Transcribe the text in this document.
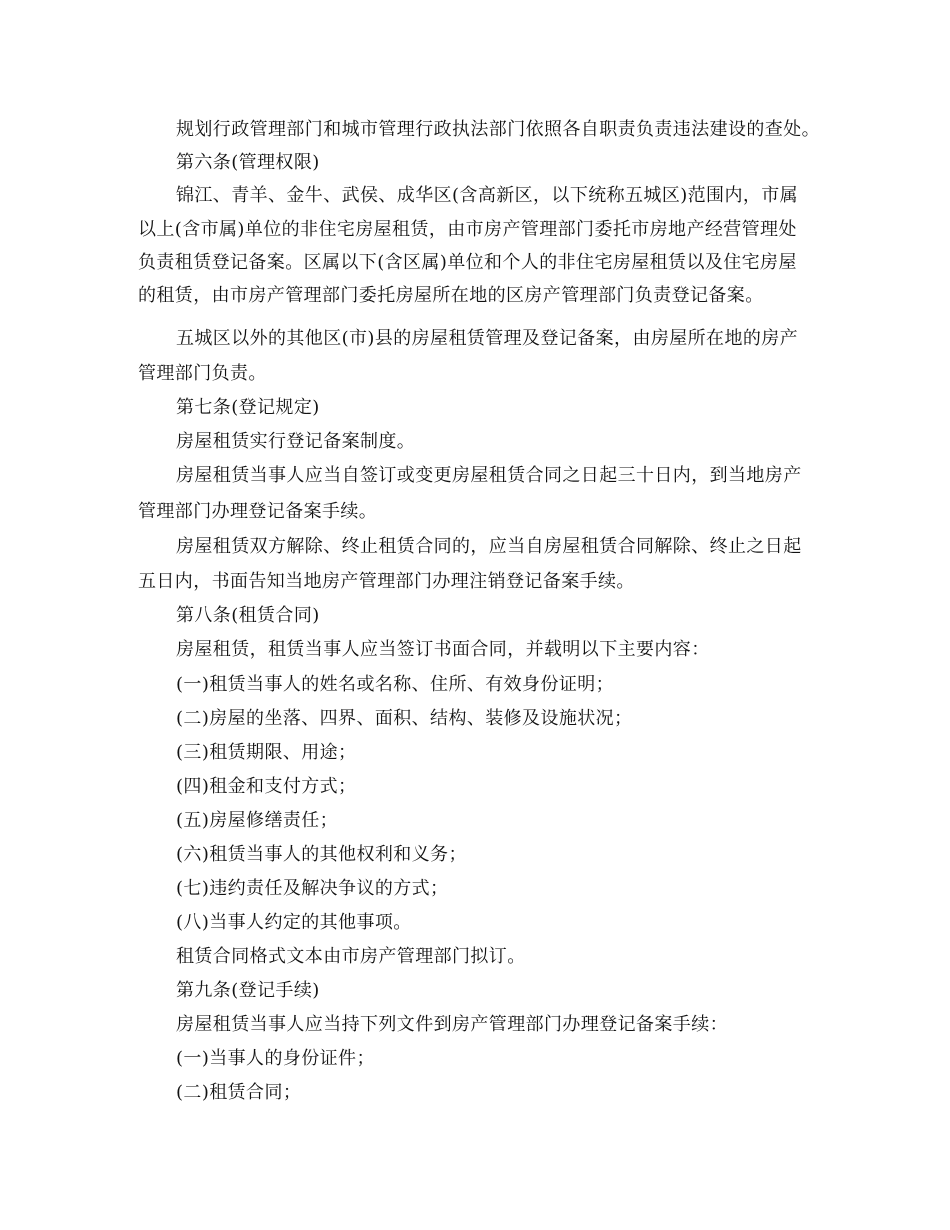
规划行政管理部门和城市管理行政执法部门依照各自职责负责违法建设的查处。

第六条(管理权限)

锦江、青羊、金牛、武侯、成华区(含高新区，以下统称五城区)范围内，市属

以上(含市属)单位的非住宅房屋租赁，由市房产管理部门委托市房地产经营管理处

负责租赁登记备案。区属以下(含区属)单位和个人的非住宅房屋租赁以及住宅房屋

的租赁，由市房产管理部门委托房屋所在地的区房产管理部门负责登记备案。

五城区以外的其他区(市)县的房屋租赁管理及登记备案，由房屋所在地的房产

管理部门负责。

第七条(登记规定)

房屋租赁实行登记备案制度。

房屋租赁当事人应当自签订或变更房屋租赁合同之日起三十日内，到当地房产

管理部门办理登记备案手续。

房屋租赁双方解除、终止租赁合同的，应当自房屋租赁合同解除、终止之日起

五日内，书面告知当地房产管理部门办理注销登记备案手续。

第八条(租赁合同)

房屋租赁，租赁当事人应当签订书面合同，并载明以下主要内容：

(一)租赁当事人的姓名或名称、住所、有效身份证明；

(二)房屋的坐落、四界、面积、结构、装修及设施状况；

(三)租赁期限、用途；

(四)租金和支付方式；

(五)房屋修缮责任；

(六)租赁当事人的其他权利和义务；

(七)违约责任及解决争议的方式；

(八)当事人约定的其他事项。

租赁合同格式文本由市房产管理部门拟订。

第九条(登记手续)

房屋租赁当事人应当持下列文件到房产管理部门办理登记备案手续：

(一)当事人的身份证件；

(二)租赁合同；
